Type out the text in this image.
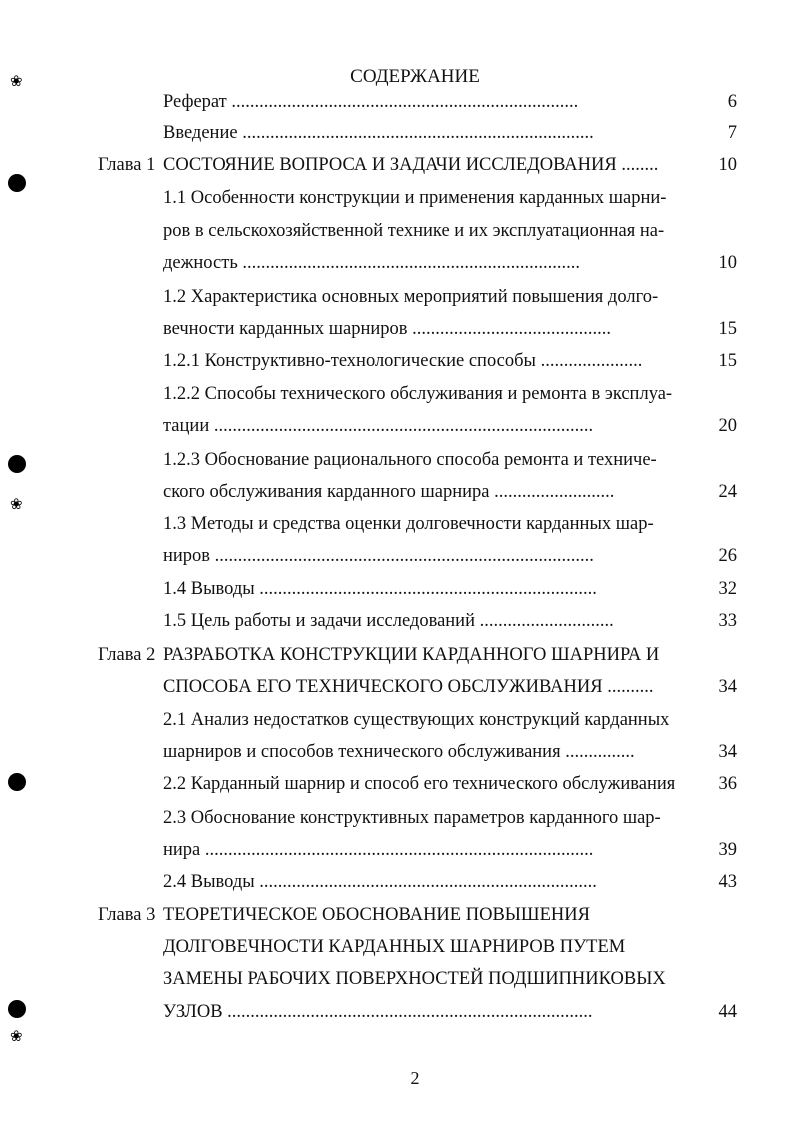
СОДЕРЖАНИЕ
Реферат ...........................................................................	6
Введение ............................................................................	7
Глава 1 СОСТОЯНИЕ ВОПРОСА И ЗАДАЧИ ИССЛЕДОВАНИЯ ........	10
1.1 Особенности конструкции и применения карданных шарни-
ров в сельскохозяйственной технике и их эксплуатационная на-
дежность .........................................................................	10
1.2 Характеристика основных мероприятий повышения долго-
вечности карданных шарниров ...........................................	15
1.2.1 Конструктивно-технологические способы ......................	15
1.2.2 Способы технического обслуживания и ремонта в эксплуа-
тации ..................................................................................	20
1.2.3 Обоснование рационального способа ремонта и техниче-
ского обслуживания карданного шарнира ..........................	24
1.3 Методы и средства оценки долговечности карданных шар-
ниров ..................................................................................	26
1.4 Выводы .........................................................................	32
1.5 Цель работы и задачи исследований .............................	33
Глава 2 РАЗРАБОТКА КОНСТРУКЦИИ КАРДАННОГО ШАРНИРА И
СПОСОБА ЕГО ТЕХНИЧЕСКОГО ОБСЛУЖИВАНИЯ ..........	34
2.1 Анализ недостатков существующих конструкций карданных
шарниров и способов технического обслуживания ...............	34
2.2 Карданный шарнир и способ его технического обслуживания 36
2.3 Обоснование конструктивных параметров карданного шар-
нира ....................................................................................	39
2.4 Выводы .........................................................................	43
Глава 3 ТЕОРЕТИЧЕСКОЕ ОБОСНОВАНИЕ ПОВЫШЕНИЯ
ДОЛГОВЕЧНОСТИ КАРДАННЫХ ШАРНИРОВ ПУТЕМ
ЗАМЕНЫ РАБОЧИХ ПОВЕРХНОСТЕЙ ПОДШИПНИКОВЫХ
УЗЛОВ ...............................................................................	44
2
❀
❀
❀
